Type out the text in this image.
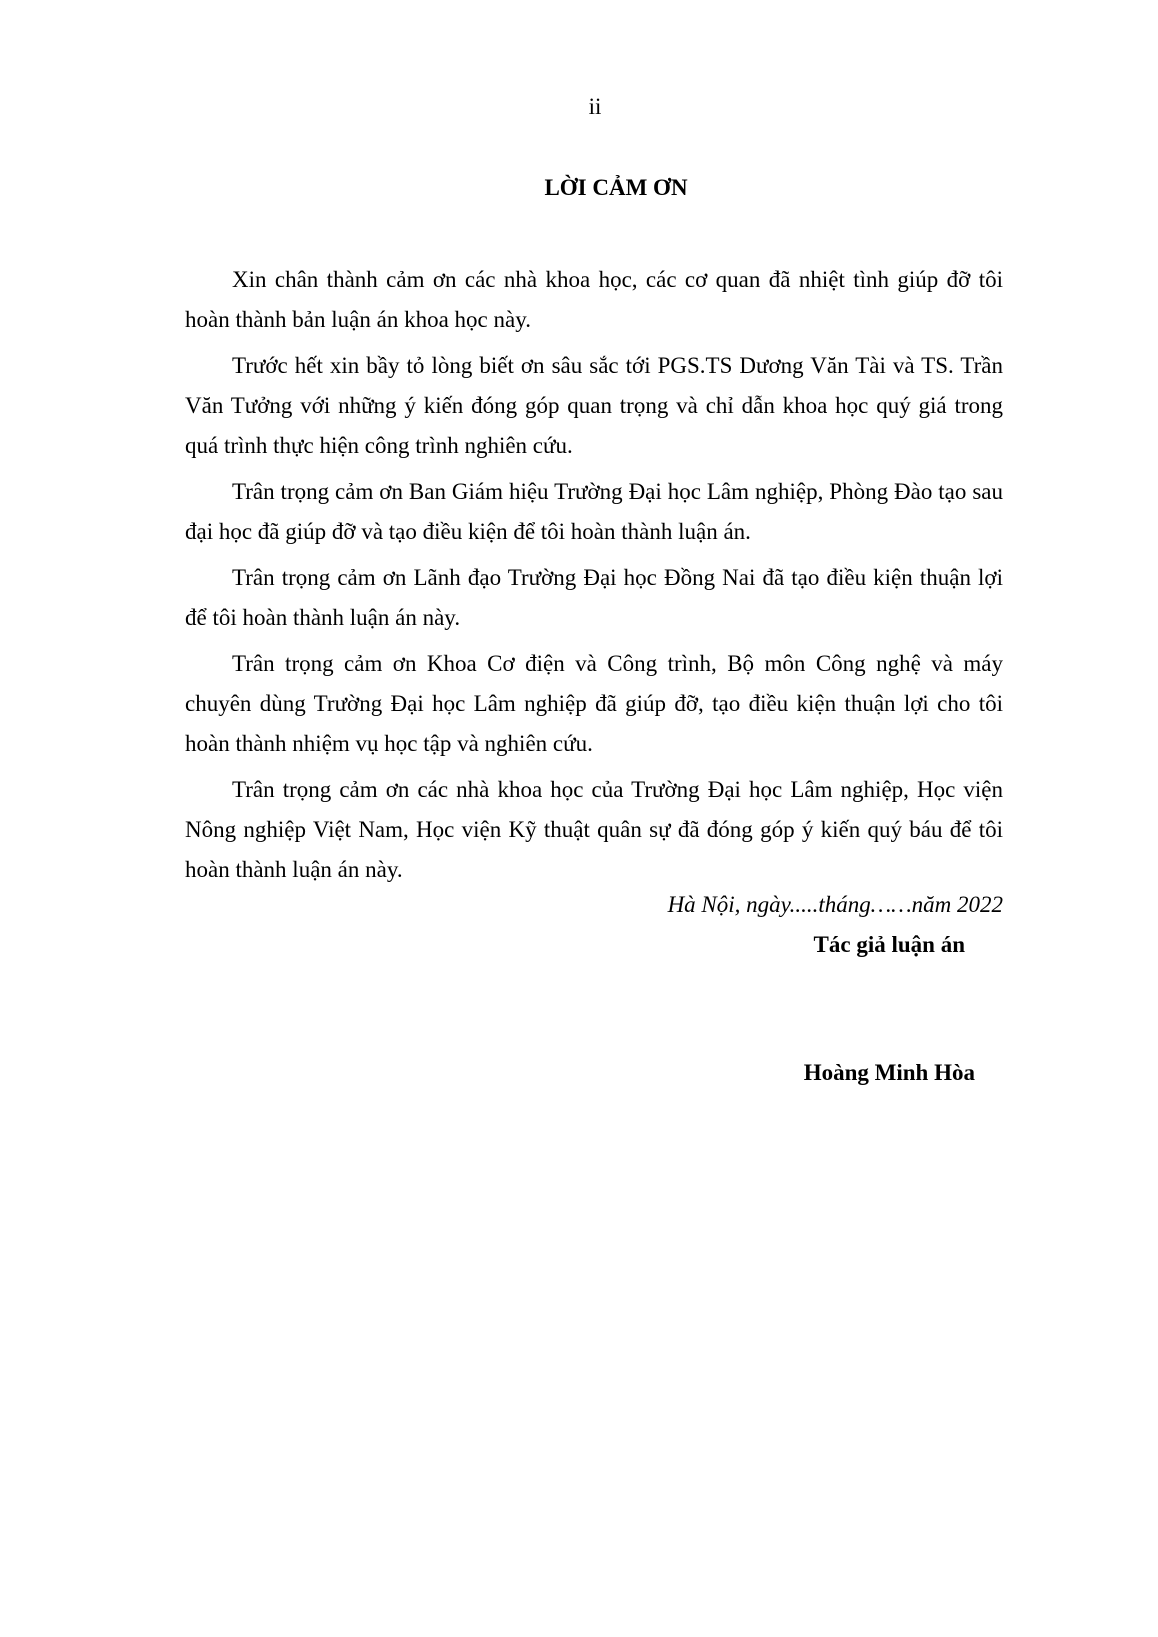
ii
LỜI CẢM ƠN

Xin chân thành cảm ơn các nhà khoa học, các cơ quan đã nhiệt tình giúp đỡ tôi hoàn thành bản luận án khoa học này.

Trước hết xin bầy tỏ lòng biết ơn sâu sắc tới PGS.TS Dương Văn Tài và TS. Trần Văn Tưởng với những ý kiến đóng góp quan trọng và chỉ dẫn khoa học quý giá trong quá trình thực hiện công trình nghiên cứu.

Trân trọng cảm ơn Ban Giám hiệu Trường Đại học Lâm nghiệp, Phòng Đào tạo sau đại học đã giúp đỡ và tạo điều kiện để tôi hoàn thành luận án.

Trân trọng cảm ơn Lãnh đạo Trường Đại học Đồng Nai đã tạo điều kiện thuận lợi để tôi hoàn thành luận án này.

Trân trọng cảm ơn Khoa Cơ điện và Công trình, Bộ môn Công nghệ và máy chuyên dùng Trường Đại học Lâm nghiệp đã giúp đỡ, tạo điều kiện thuận lợi cho tôi hoàn thành nhiệm vụ học tập và nghiên cứu.

Trân trọng cảm ơn các nhà khoa học của Trường Đại học Lâm nghiệp, Học viện Nông nghiệp Việt Nam, Học viện Kỹ thuật quân sự đã đóng góp ý kiến quý báu để tôi hoàn thành luận án này.

Hà Nội, ngày.....tháng……năm 2022
Tác giả luận án
Hoàng Minh Hòa
